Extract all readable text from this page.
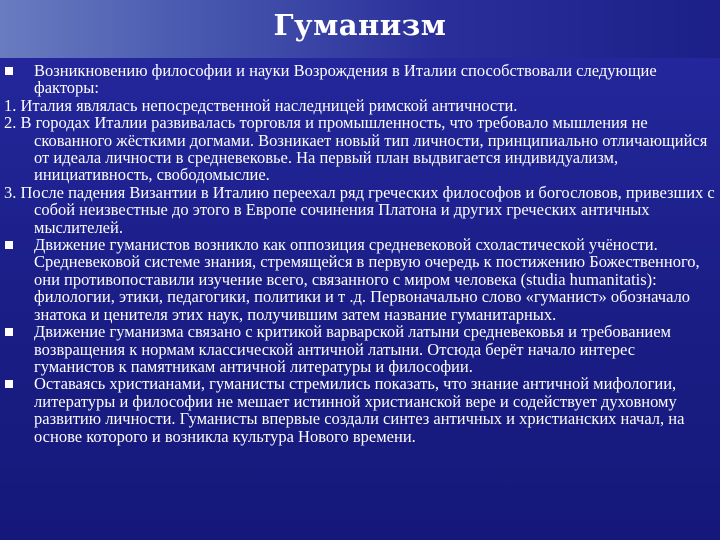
Гуманизм

Возникновению философии и науки Возрождения в Италии способствовали следующие факторы:

1. Италия являлась непосредственной наследницей римской античности.

2. В городах Италии развивалась торговля и промышленность, что требовало мышления не скованного жёсткими догмами. Возникает новый тип личности, принципиально отличающийся от идеала личности в средневековье. На первый план выдвигается индивидуализм, инициативность, свободомыслие.

3. После падения Византии в Италию переехал ряд греческих философов и богословов, привезших с собой неизвестные до этого в Европе сочинения Платона и других греческих античных мыслителей.

Движение гуманистов возникло как оппозиция средневековой схоластической учёности. Средневековой системе знания, стремящейся в первую очередь к постижению Божественного, они противопоставили изучение всего, связанного с миром человека (studia humanitatis): филологии, этики, педагогики, политики и т .д. Первоначально слово «гуманист» обозначало знатока и ценителя этих наук, получившим затем название гуманитарных.

Движение гуманизма связано с критикой варварской латыни средневековья и требованием возвращения к нормам классической античной латыни. Отсюда берёт начало интерес гуманистов к памятникам античной литературы и философии.

Оставаясь христианами, гуманисты стремились показать, что знание античной мифологии, литературы и философии не мешает истинной христианской вере и содействует духовному развитию личности. Гуманисты впервые создали синтез античных и христианских начал, на основе которого и возникла культура Нового времени.
